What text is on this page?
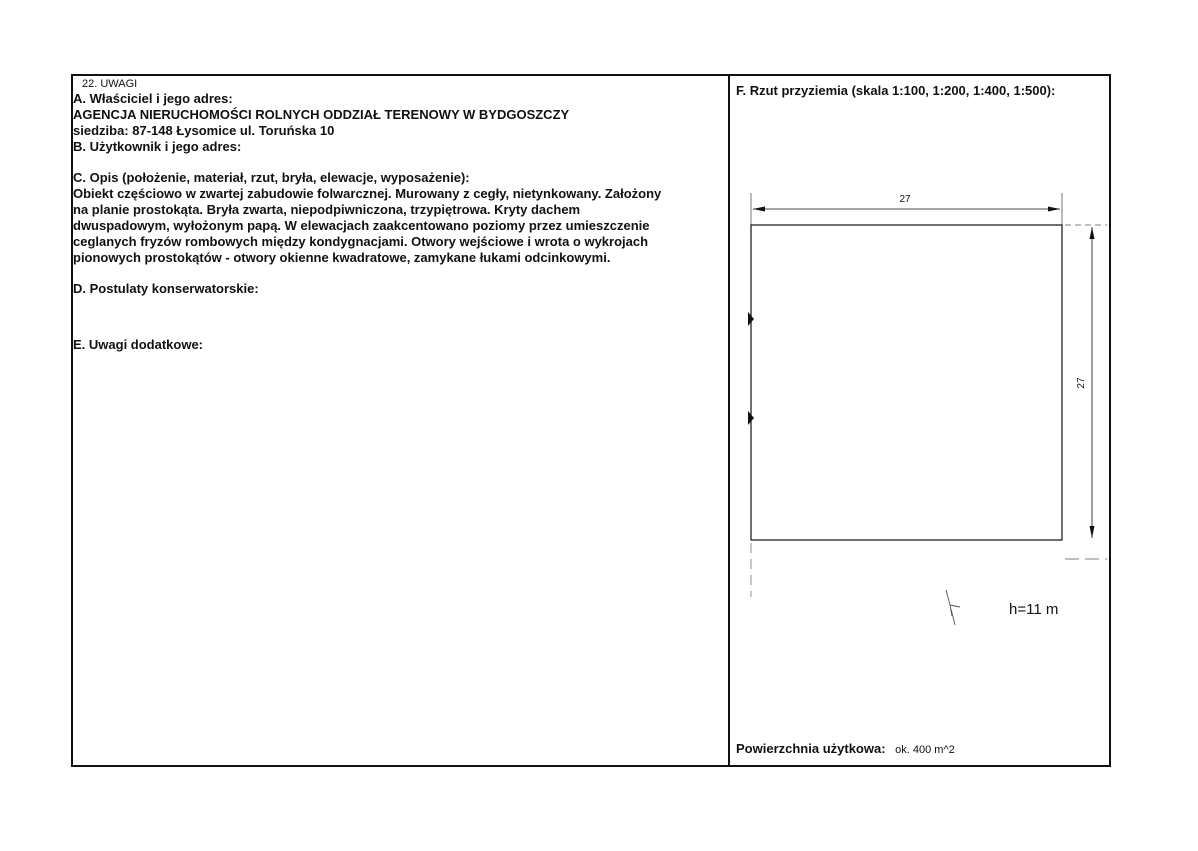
22. UWAGI
A. Właściciel i jego adres:
AGENCJA NIERUCHOMOŚCI ROLNYCH ODDZIAŁ TERENOWY W BYDGOSZCZY
siedziba: 87-148 Łysomice ul. Toruńska 10
B. Użytkownik i jego adres:
C. Opis (położenie, materiał, rzut, bryła, elewacje, wyposażenie):
Obiekt częściowo w zwartej zabudowie folwarcznej. Murowany z cegły, nietynkowany. Założony
na planie prostokąta. Bryła zwarta, niepodpiwniczona, trzypiętrowa. Kryty dachem
dwuspadowym, wyłożonym papą. W elewacjach zaakcentowano poziomy przez umieszczenie
ceglanych fryzów rombowych między kondygnacjami. Otwory wejściowe i wrota o wykrojach
pionowych prostokątów - otwory okienne kwadratowe, zamykane łukami odcinkowymi.
D. Postulaty konserwatorskie:
E. Uwagi dodatkowe:
F. Rzut przyziemia (skala 1:100, 1:200, 1:400, 1:500):
27
27
h=11 m
Powierzchnia użytkowa: ok. 400 m^2
